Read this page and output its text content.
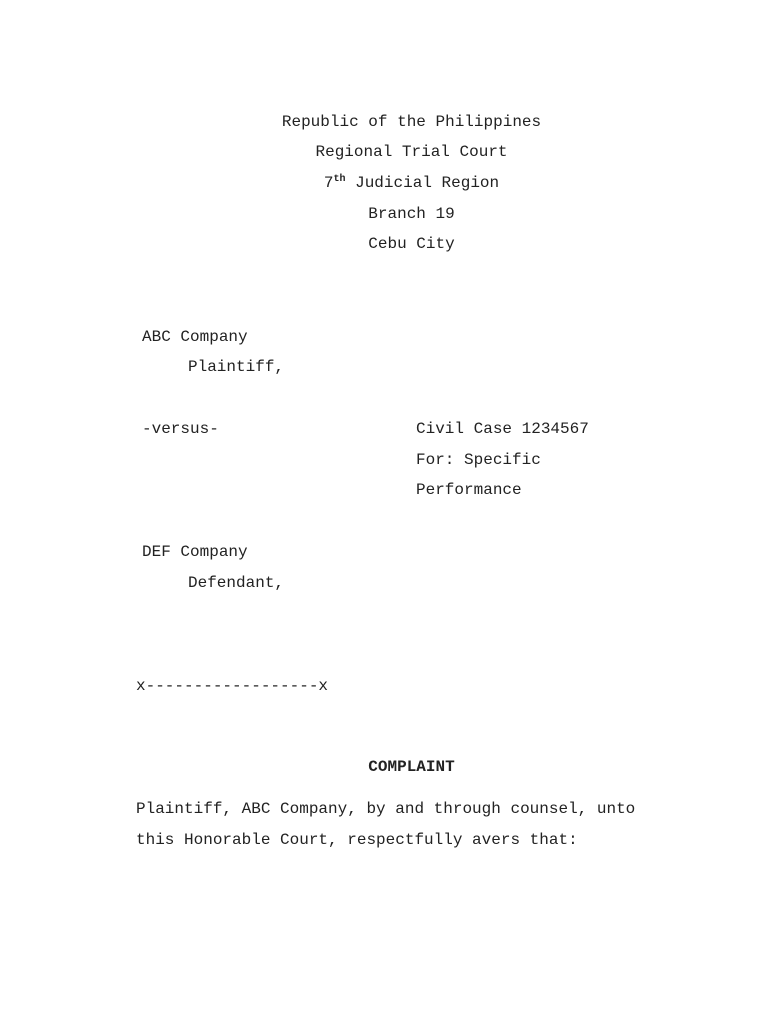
Republic of the Philippines
Regional Trial Court
7th Judicial Region
Branch 19
Cebu City
ABC Company
Plaintiff,
-versus-	Civil Case 1234567
For: Specific
Performance
DEF Company
Defendant,
x------------------x
COMPLAINT
Plaintiff, ABC Company, by and through counsel, unto
this Honorable Court, respectfully avers that:
